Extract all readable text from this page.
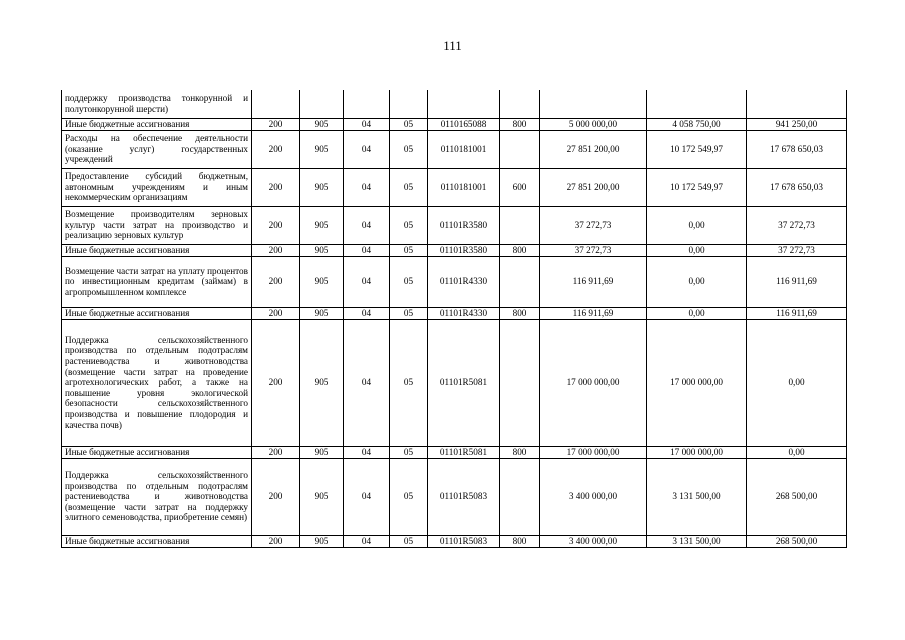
111
поддержку производства тонкорунной и полутонкорунной шерсти)									
Иные бюджетные ассигнования	200	905	04	05	0110165088	800	5 000 000,00	4 058 750,00	941 250,00
Расходы на обеспечение деятельности (оказание услуг) государственных учреждений	200	905	04	05	0110181001		27 851 200,00	10 172 549,97	17 678 650,03
Предоставление субсидий бюджетным, автономным учреждениям и иным некоммерческим организациям	200	905	04	05	0110181001	600	27 851 200,00	10 172 549,97	17 678 650,03
Возмещение производителям зерновых культур части затрат на производство и реализацию зерновых культур	200	905	04	05	01101R3580		37 272,73	0,00	37 272,73
Иные бюджетные ассигнования	200	905	04	05	01101R3580	800	37 272,73	0,00	37 272,73
Возмещение части затрат на уплату процентов по инвестиционным кредитам (займам) в агропромышленном комплексе	200	905	04	05	01101R4330		116 911,69	0,00	116 911,69
Иные бюджетные ассигнования	200	905	04	05	01101R4330	800	116 911,69	0,00	116 911,69
Поддержка сельскохозяйственного производства по отдельным подотраслям растениеводства и животноводства (возмещение части затрат на проведение агротехнологических работ, а также на повышение уровня экологической безопасности сельскохозяйственного производства и повышение плодородия и качества почв)	200	905	04	05	01101R5081		17 000 000,00	17 000 000,00	0,00
Иные бюджетные ассигнования	200	905	04	05	01101R5081	800	17 000 000,00	17 000 000,00	0,00
Поддержка сельскохозяйственного производства по отдельным подотраслям растениеводства и животноводства (возмещение части затрат на поддержку элитного семеноводства, приобретение семян)	200	905	04	05	01101R5083		3 400 000,00	3 131 500,00	268 500,00
Иные бюджетные ассигнования	200	905	04	05	01101R5083	800	3 400 000,00	3 131 500,00	268 500,00
